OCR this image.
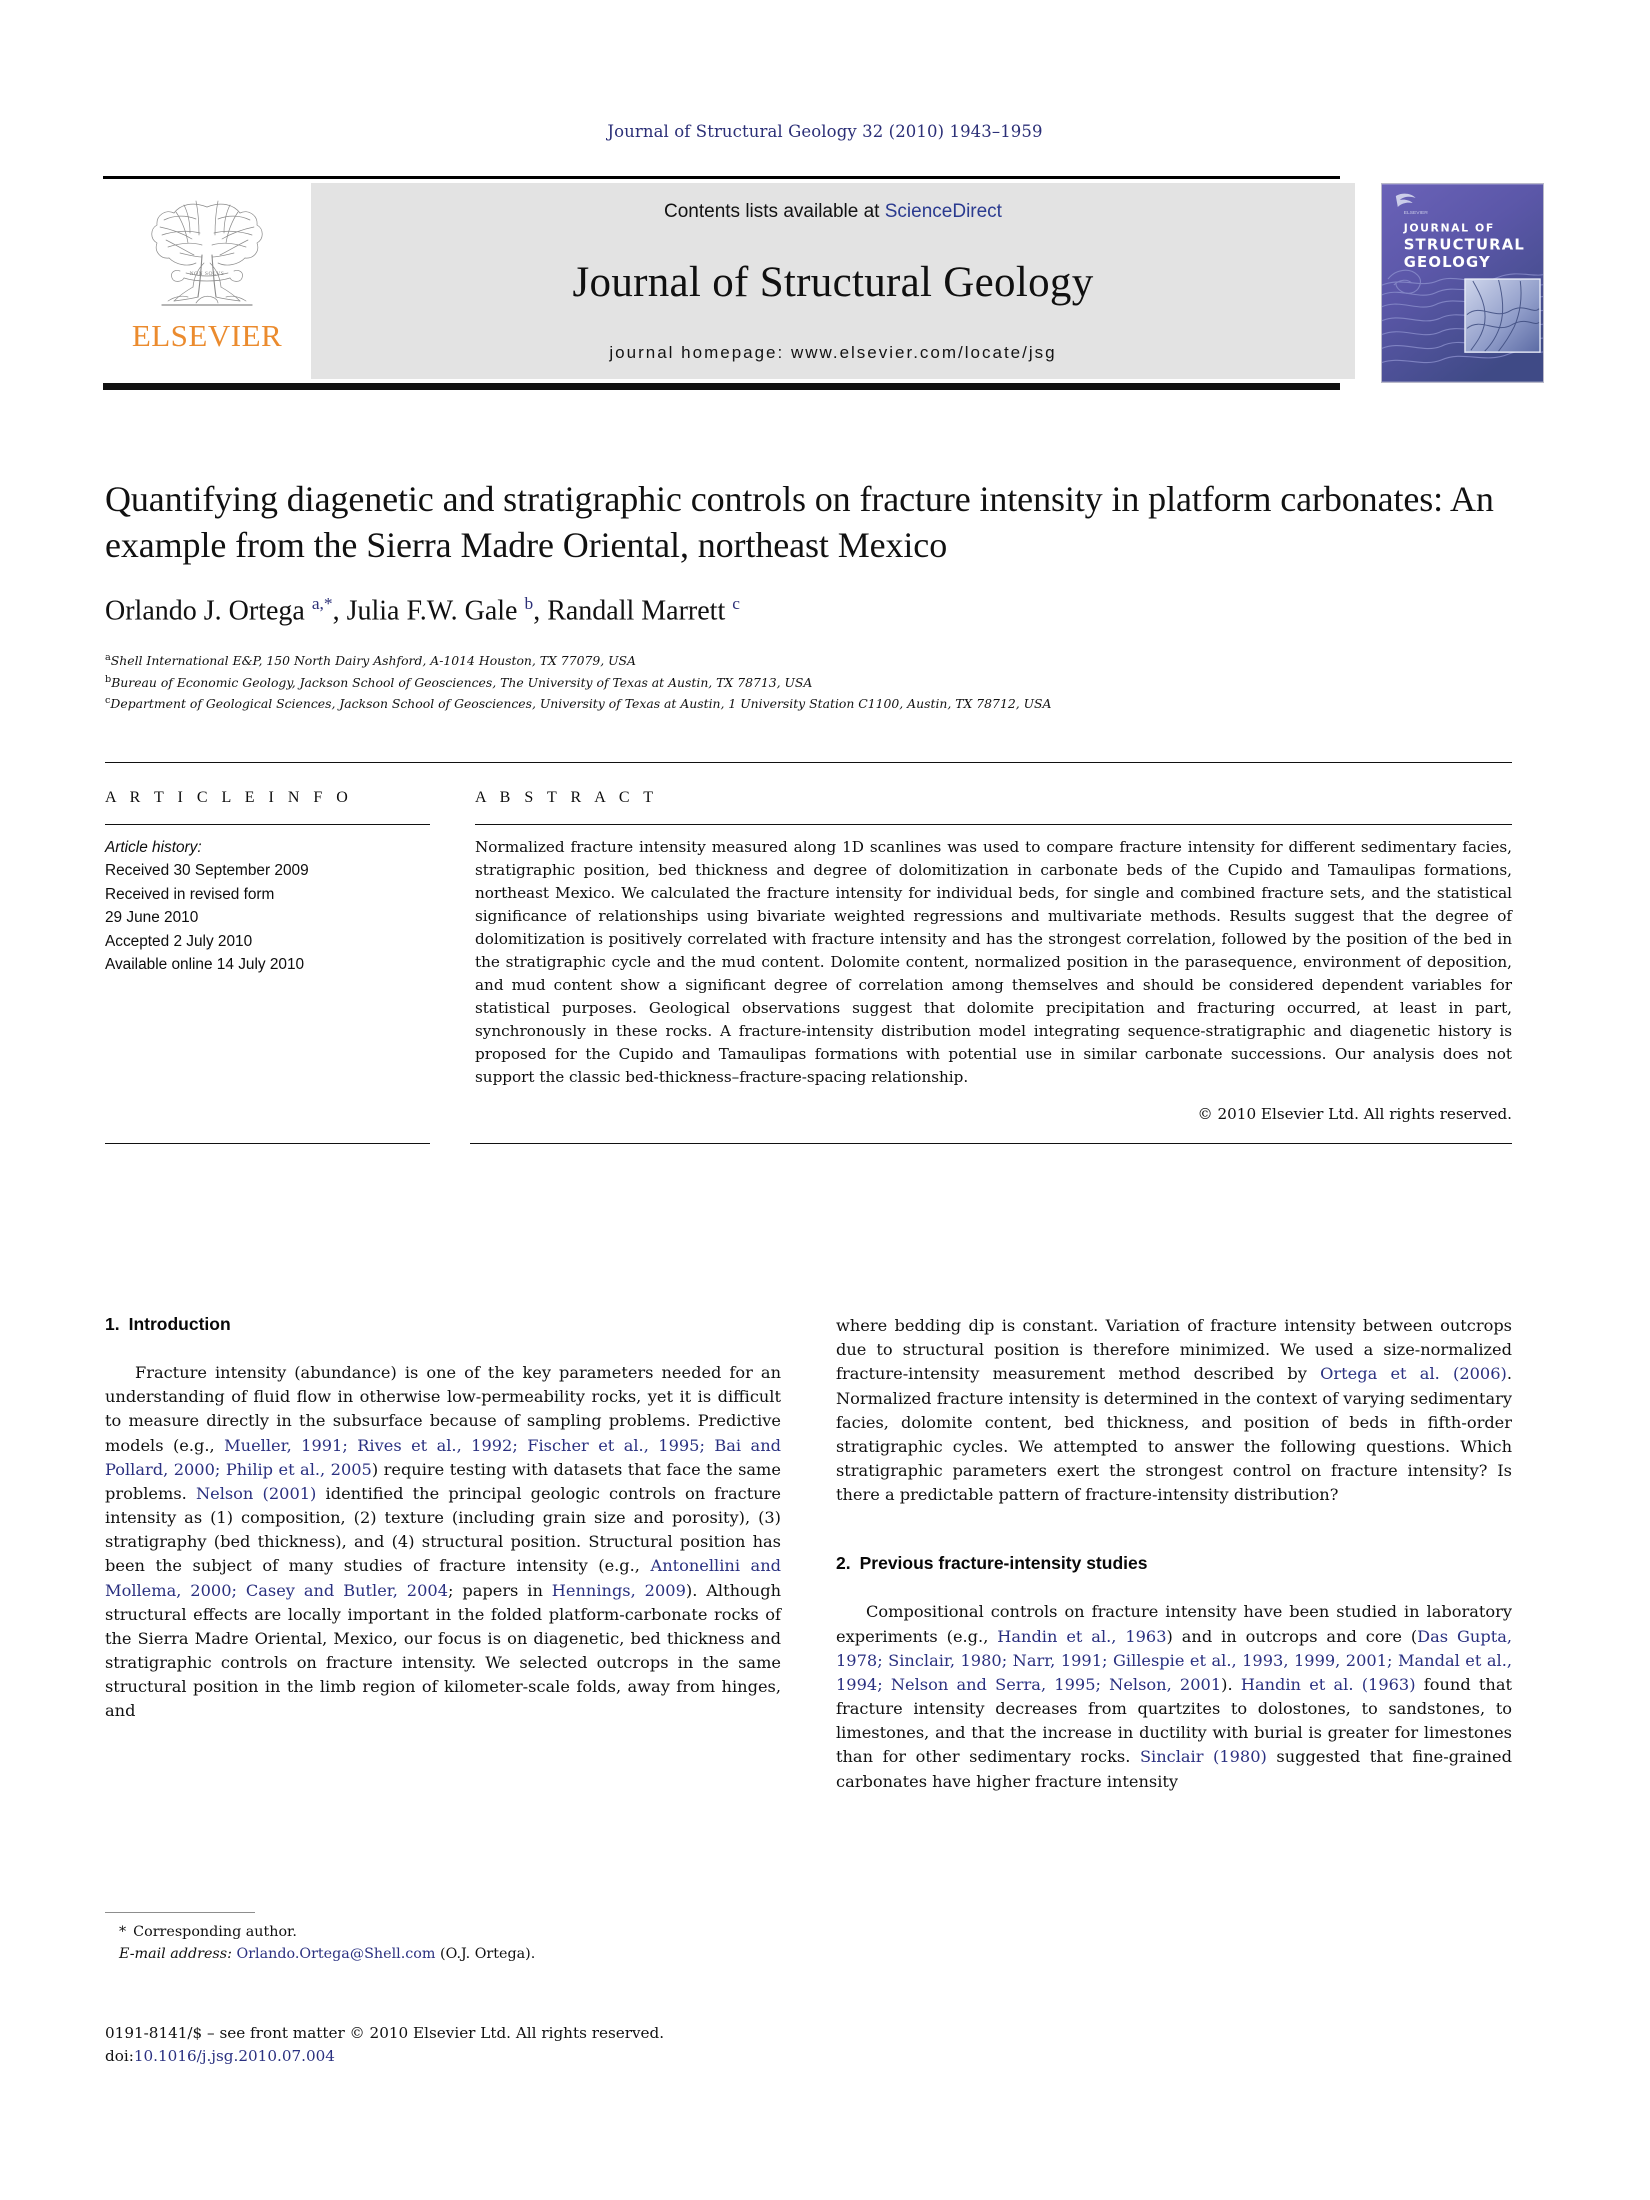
Journal of Structural Geology 32 (2010) 1943–1959
NON SOLVS
ELSEVIER
Contents lists available at ScienceDirect
Journal of Structural Geology
journal homepage: www.elsevier.com/locate/jsg
ELSEVIER
JOURNAL OF
STRUCTURAL
GEOLOGY
Quantifying diagenetic and stratigraphic controls on fracture intensity in platform carbonates: An example from the Sierra Madre Oriental, northeast Mexico
Orlando J. Ortega $^{a,*}$, Julia F.W. Gale $^b$, Randall Marrett $^c$
$^a$Shell International E&P, 150 North Dairy Ashford, A-1014 Houston, TX 77079, USA
$^b$Bureau of Economic Geology, Jackson School of Geosciences, The University of Texas at Austin, TX 78713, USA
$^c$Department of Geological Sciences, Jackson School of Geosciences, University of Texas at Austin, 1 University Station C1100, Austin, TX 78712, USA
A R T I C L E I N F O
Article history:
Received 30 September 2009
Received in revised form
29 June 2010
Accepted 2 July 2010
Available online 14 July 2010
A B S T R A C T

Normalized fracture intensity measured along 1D scanlines was used to compare fracture intensity for different sedimentary facies, stratigraphic position, bed thickness and degree of dolomitization in carbonate beds of the Cupido and Tamaulipas formations, northeast Mexico. We calculated the fracture intensity for individual beds, for single and combined fracture sets, and the statistical significance of relationships using bivariate weighted regressions and multivariate methods. Results suggest that the degree of dolomitization is positively correlated with fracture intensity and has the strongest correlation, followed by the position of the bed in the stratigraphic cycle and the mud content. Dolomite content, normalized position in the parasequence, environment of deposition, and mud content show a significant degree of correlation among themselves and should be considered dependent variables for statistical purposes. Geological observations suggest that dolomite precipitation and fracturing occurred, at least in part, synchronously in these rocks. A fracture-intensity distribution model integrating sequence-stratigraphic and diagenetic history is proposed for the Cupido and Tamaulipas formations with potential use in similar carbonate successions. Our analysis does not support the classic bed-thickness–fracture-spacing relationship.

© 2010 Elsevier Ltd. All rights reserved.
1. Introduction

Fracture intensity (abundance) is one of the key parameters needed for an understanding of fluid flow in otherwise low-permeability rocks, yet it is difficult to measure directly in the subsurface because of sampling problems. Predictive models (e.g., Mueller, 1991; Rives et al., 1992; Fischer et al., 1995; Bai and Pollard, 2000; Philip et al., 2005) require testing with datasets that face the same problems. Nelson (2001) identified the principal geologic controls on fracture intensity as (1) composition, (2) texture (including grain size and porosity), (3) stratigraphy (bed thickness), and (4) structural position. Structural position has been the subject of many studies of fracture intensity (e.g., Antonellini and Mollema, 2000; Casey and Butler, 2004; papers in Hennings, 2009). Although structural effects are locally important in the folded platform-carbonate rocks of the Sierra Madre Oriental, Mexico, our focus is on diagenetic, bed thickness and stratigraphic controls on fracture intensity. We selected outcrops in the same structural position in the limb region of kilometer-scale folds, away from hinges, and

where bedding dip is constant. Variation of fracture intensity between outcrops due to structural position is therefore minimized. We used a size-normalized fracture-intensity measurement method described by Ortega et al. (2006). Normalized fracture intensity is determined in the context of varying sedimentary facies, dolomite content, bed thickness, and position of beds in fifth-order stratigraphic cycles. We attempted to answer the following questions. Which stratigraphic parameters exert the strongest control on fracture intensity? Is there a predictable pattern of fracture-intensity distribution?

2. Previous fracture-intensity studies

Compositional controls on fracture intensity have been studied in laboratory experiments (e.g., Handin et al., 1963) and in outcrops and core (Das Gupta, 1978; Sinclair, 1980; Narr, 1991; Gillespie et al., 1993, 1999, 2001; Mandal et al., 1994; Nelson and Serra, 1995; Nelson, 2001). Handin et al. (1963) found that fracture intensity decreases from quartzites to dolostones, to sandstones, to limestones, and that the increase in ductility with burial is greater for limestones than for other sedimentary rocks. Sinclair (1980) suggested that fine-grained carbonates have higher fracture intensity

* Corresponding author.
E-mail address: Orlando.Ortega@Shell.com (O.J. Ortega).
0191-8141/$ – see front matter © 2010 Elsevier Ltd. All rights reserved.
doi:10.1016/j.jsg.2010.07.004
